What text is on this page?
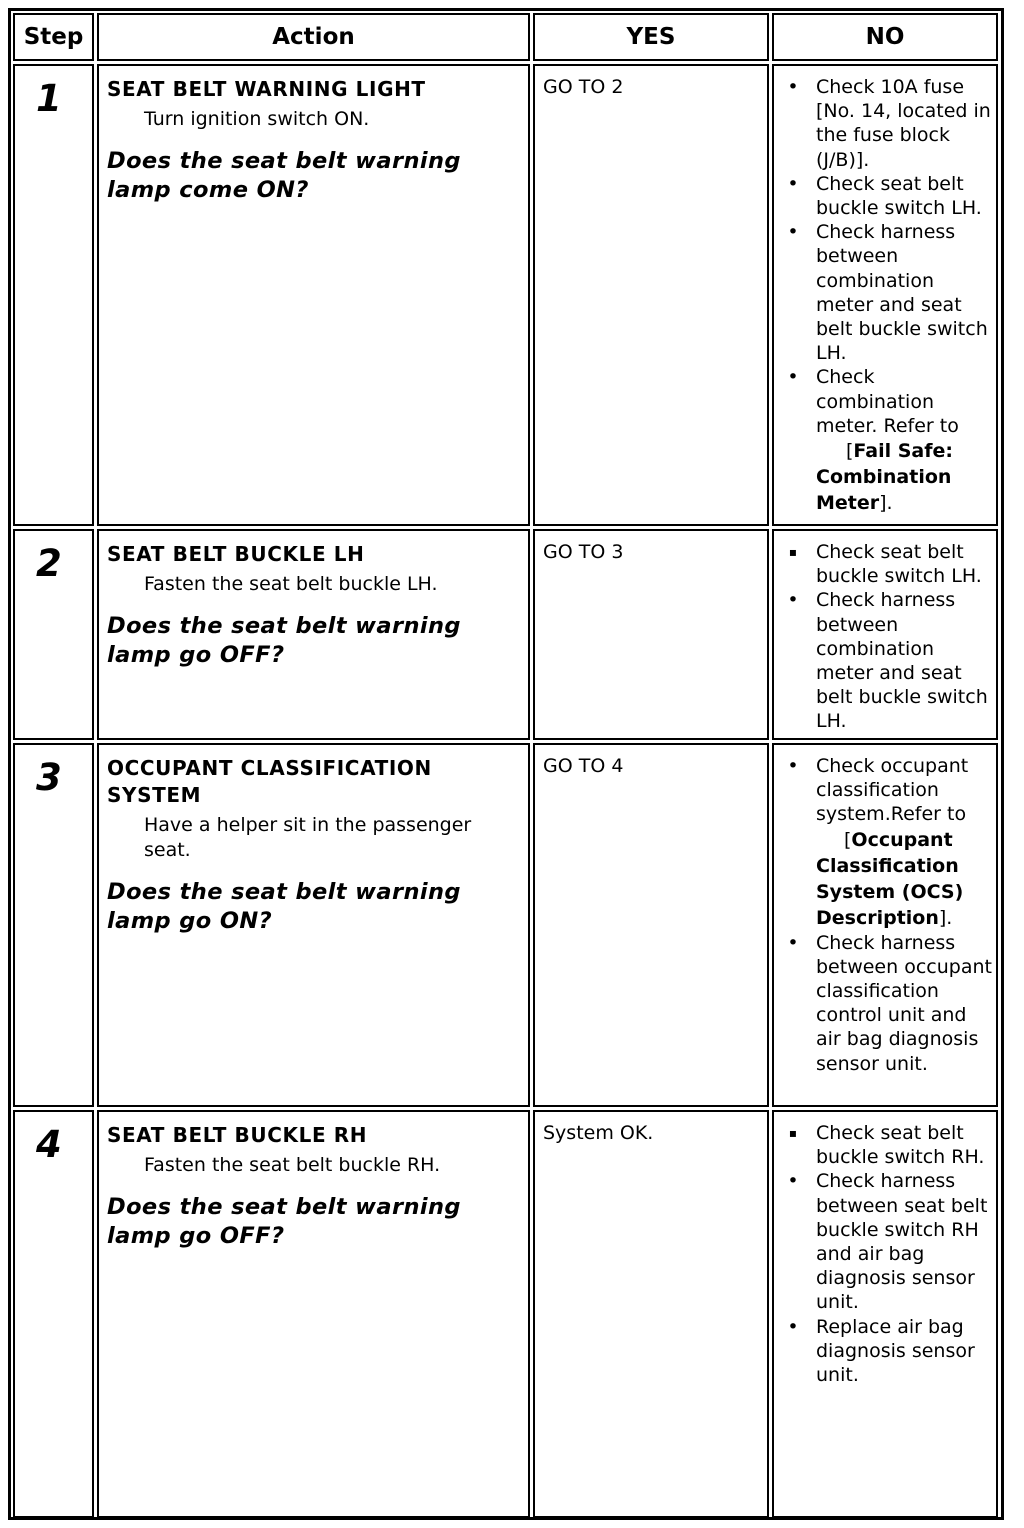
Step	Action	YES	NO
1 SEAT BELT WARNING LIGHT
Turn ignition switch ON.
Does the seat belt warning lamp come ON?
GO TO 2	• Check 10A fuse [No. 14, located in the fuse block (J/B)].
• Check seat belt buckle switch LH.
• Check harness between combination meter and seat belt buckle switch LH.
• Check combination meter. Refer to
[Fail Safe: Combination Meter].
2 SEAT BELT BUCKLE LH
Fasten the seat belt buckle LH.
Does the seat belt warning lamp go OFF?
GO TO 3	▪ Check seat belt buckle switch LH.
• Check harness between combination meter and seat belt buckle switch LH.
3 OCCUPANT CLASSIFICATION SYSTEM
Have a helper sit in the passenger seat.
Does the seat belt warning lamp go ON?
GO TO 4	• Check occupant classification system.Refer to
[Occupant Classification System (OCS) Description].
• Check harness between occupant classification control unit and air bag diagnosis sensor unit.
4 SEAT BELT BUCKLE RH
Fasten the seat belt buckle RH.
Does the seat belt warning lamp go OFF?
System OK.	▪ Check seat belt buckle switch RH.
• Check harness between seat belt buckle switch RH and air bag diagnosis sensor unit.
• Replace air bag diagnosis sensor unit.
